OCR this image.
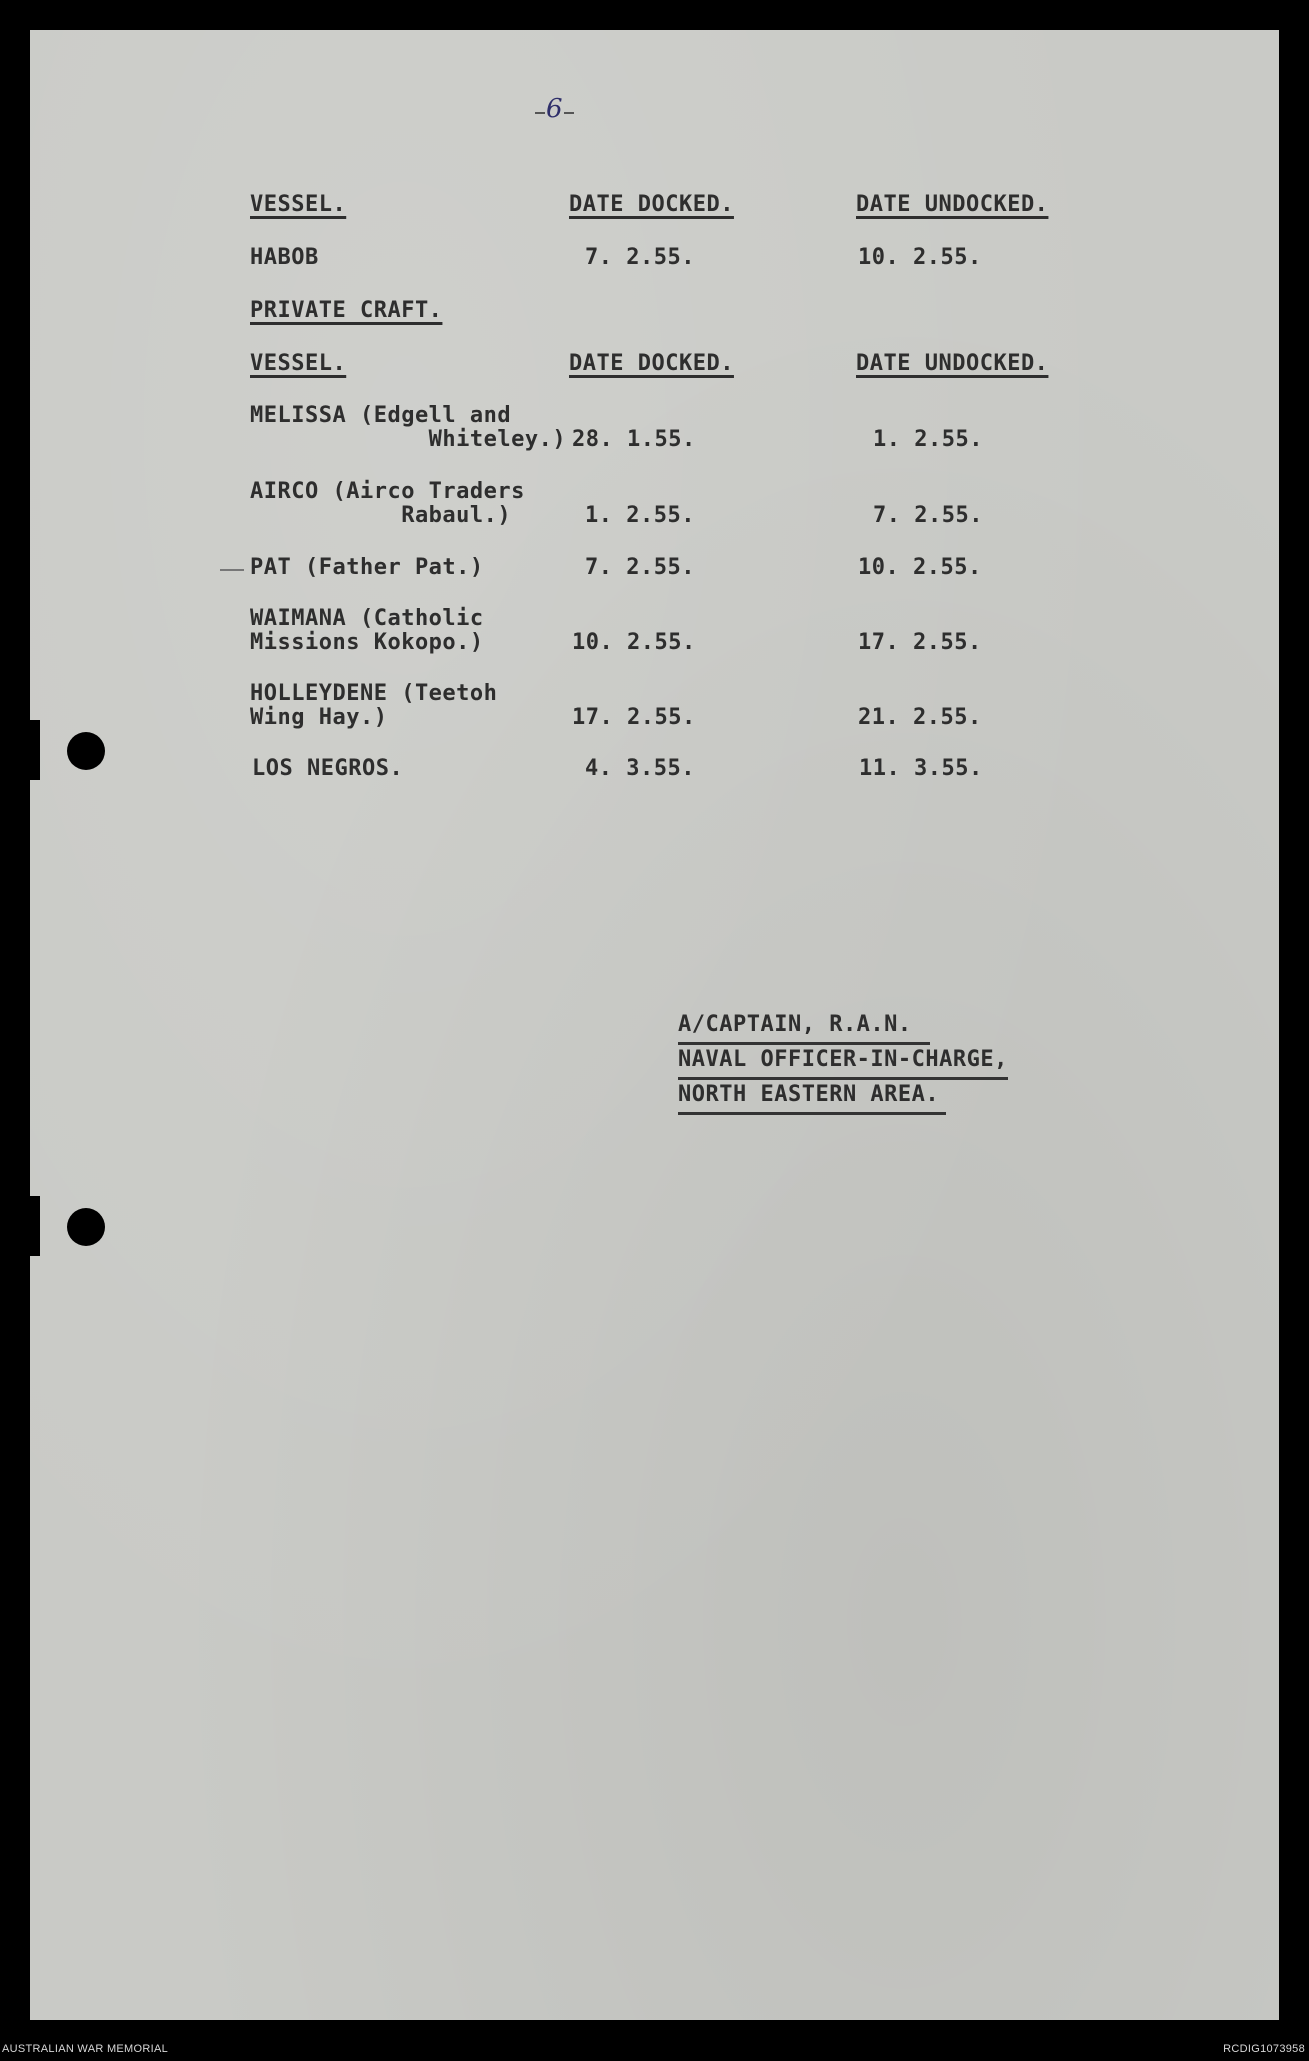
6
VESSEL.	DATE DOCKED.	DATE UNDOCKED.
HABOB	7. 2.55.	10. 2.55.
PRIVATE CRAFT.
VESSEL.	DATE DOCKED.	DATE UNDOCKED.
MELISSA (Edgell and
Whiteley.) 28. 1.55.	1. 2.55.
AIRCO (Airco Traders
Rabaul.)	1. 2.55.	7. 2.55.
PAT (Father Pat.)	7. 2.55.	10. 2.55.
WAIMANA (Catholic
Missions Kokopo.)	10. 2.55.	17. 2.55.
HOLLEYDENE (Teetoh
Wing Hay.)	17. 2.55.	21. 2.55.
LOS NEGROS.	4. 3.55.	11. 3.55.
A/CAPTAIN, R.A.N.
NAVAL OFFICER-IN-CHARGE,
NORTH EASTERN AREA.
AUSTRALIAN WAR MEMORIAL	RCDIG1073958
